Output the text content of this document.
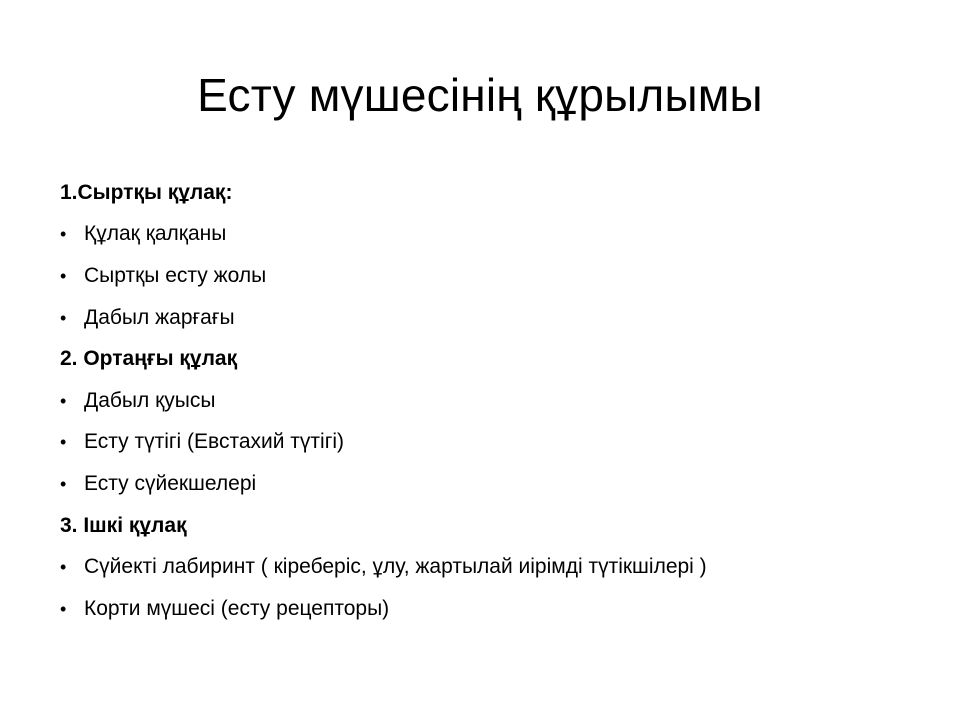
Есту мүшесінің құрылымы
1.Сыртқы құлақ:
• Құлақ қалқаны
• Сыртқы есту жолы
• Дабыл жарғағы
2. Ортаңғы құлақ
• Дабыл қуысы
• Есту түтігі (Евстахий түтігі)
• Есту сүйекшелері
3. Ішкі құлақ
• Сүйекті лабиринт ( кіреберіс, ұлу, жартылай иірімді түтікшілері )
• Корти мүшесі (есту рецепторы)
